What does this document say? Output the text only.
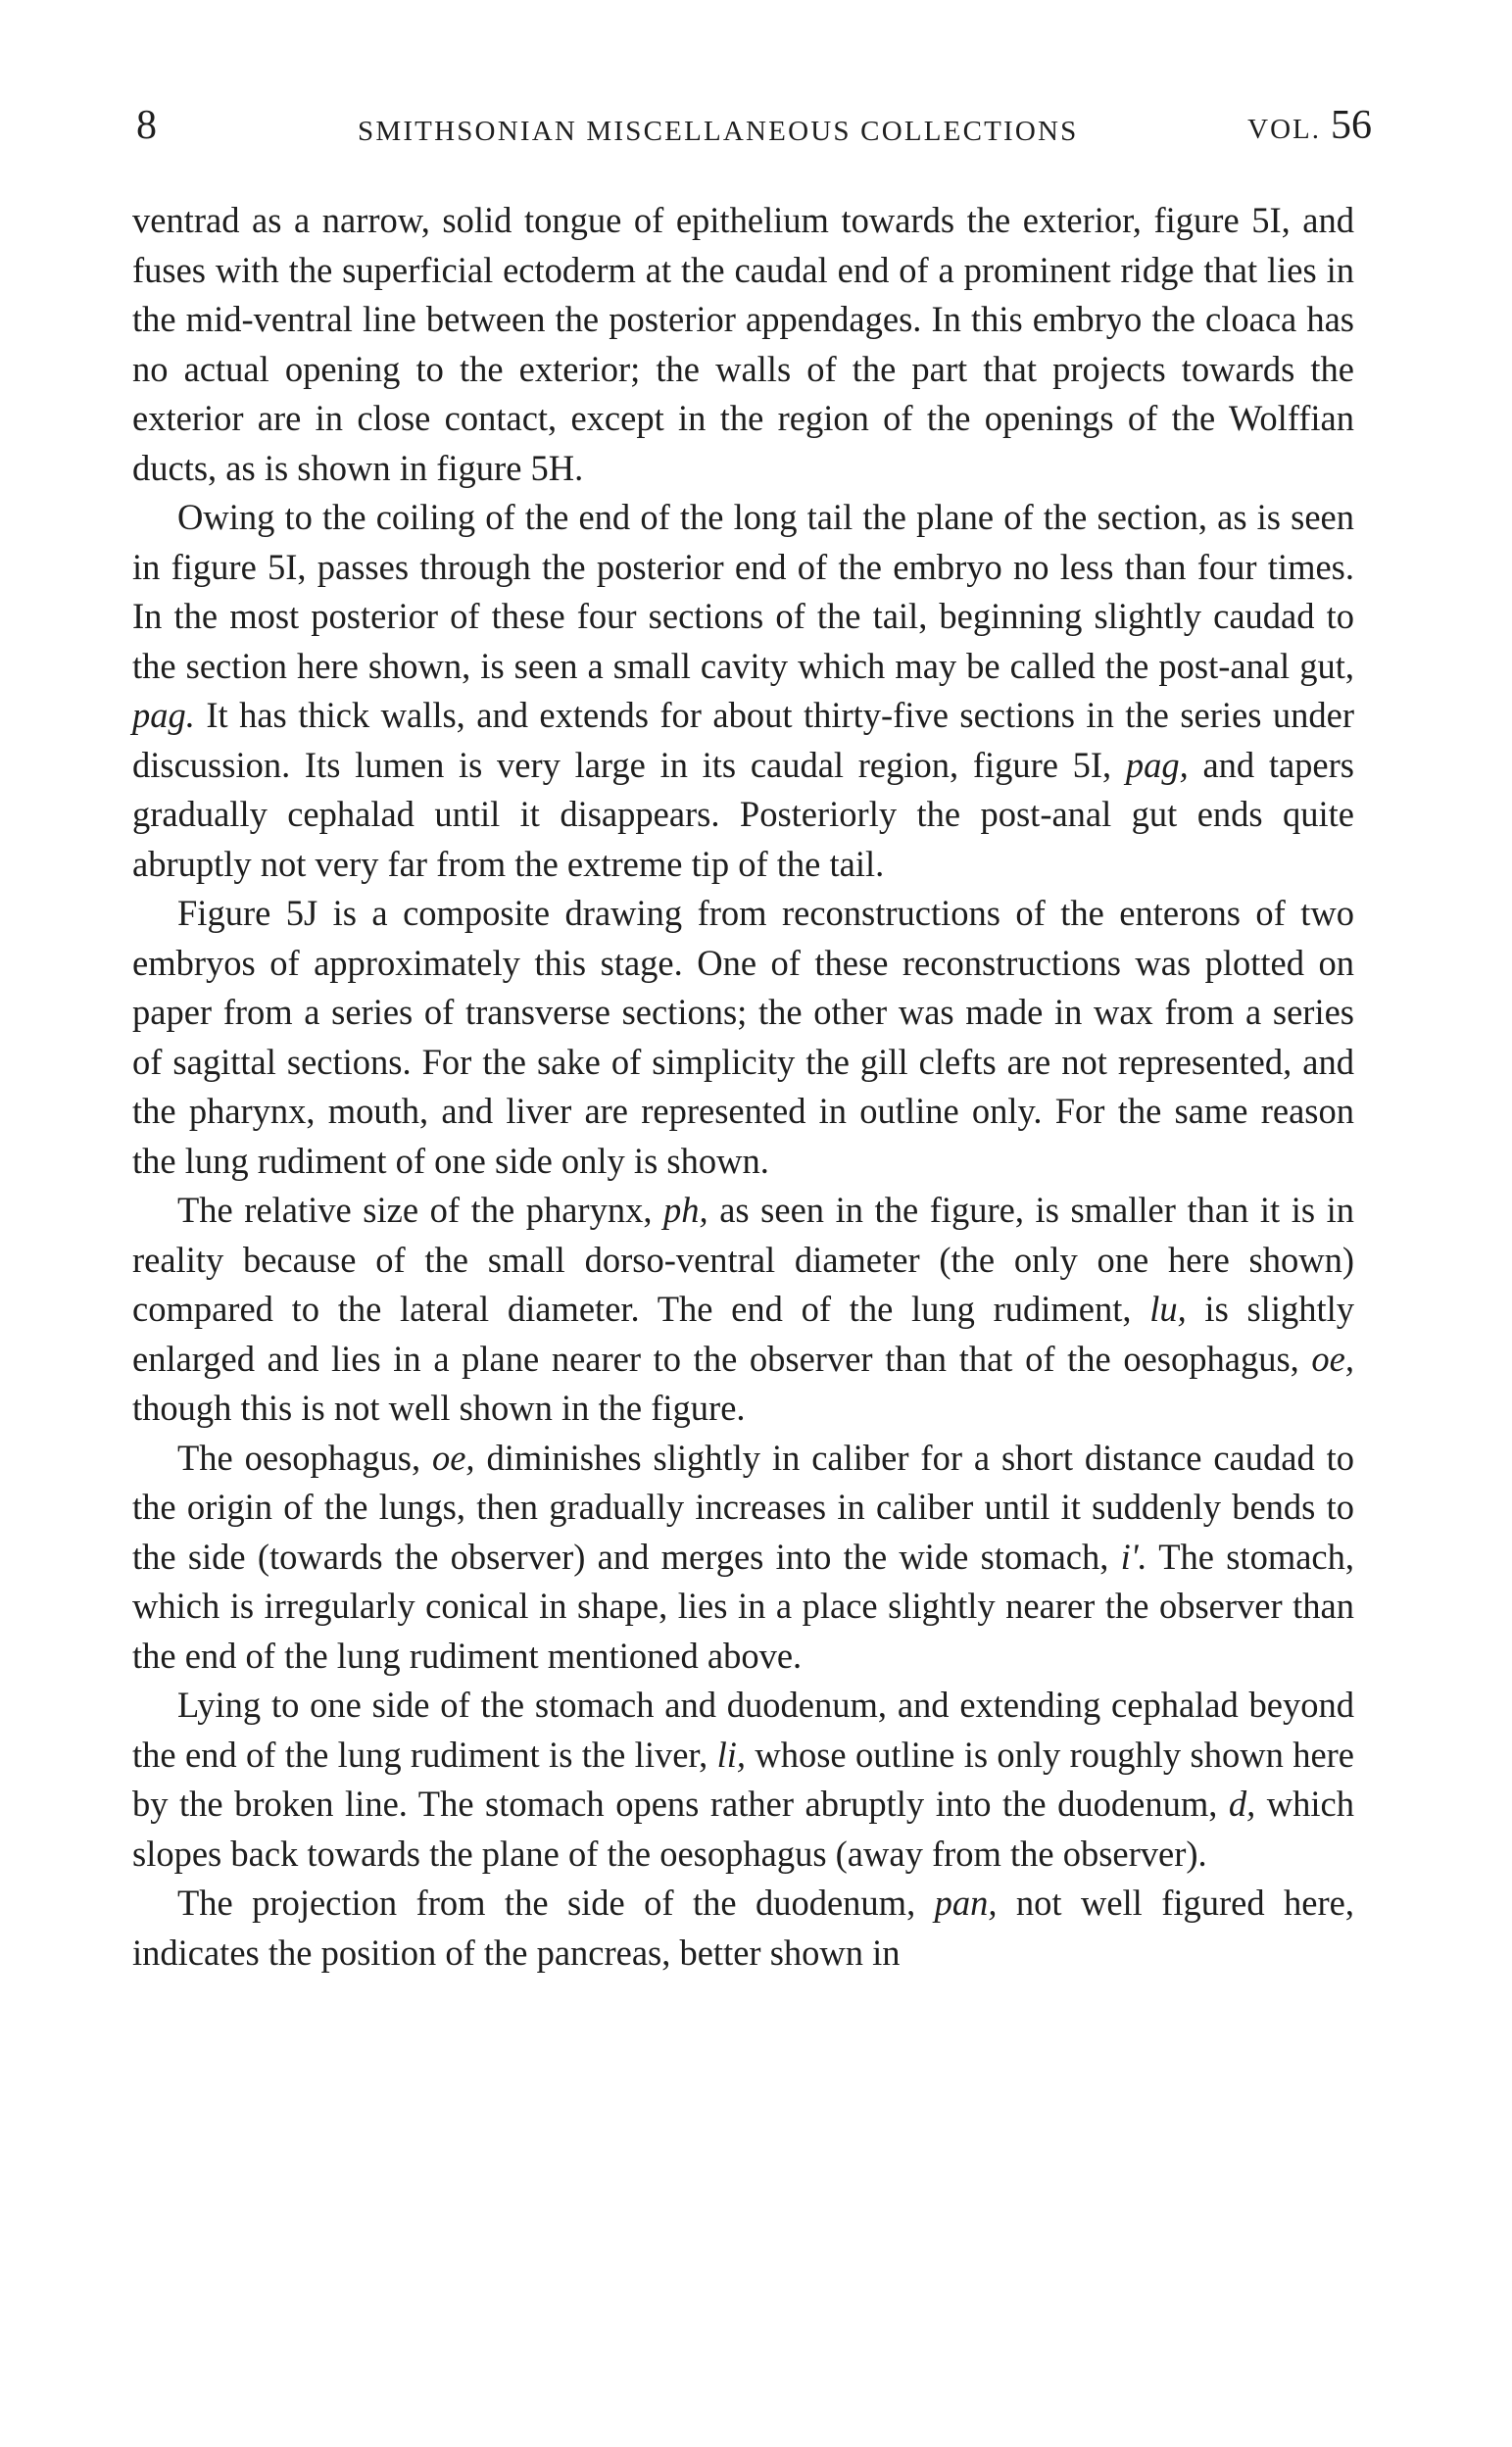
8	SMITHSONIAN MISCELLANEOUS COLLECTIONS	VOL. 56

ventrad as a narrow, solid tongue of epithelium towards the exterior, figure 5I, and fuses with the superficial ectoderm at the caudal end of a prominent ridge that lies in the mid-ventral line between the posterior appendages. In this embryo the cloaca has no actual opening to the exterior; the walls of the part that projects towards the exterior are in close contact, except in the region of the openings of the Wolffian ducts, as is shown in figure 5H.

Owing to the coiling of the end of the long tail the plane of the section, as is seen in figure 5I, passes through the posterior end of the embryo no less than four times. In the most posterior of these four sections of the tail, beginning slightly caudad to the section here shown, is seen a small cavity which may be called the post-anal gut, pag. It has thick walls, and extends for about thirty-five sections in the series under discussion. Its lumen is very large in its caudal region, figure 5I, pag, and tapers gradually cephalad until it disappears. Posteriorly the post-anal gut ends quite abruptly not very far from the extreme tip of the tail.

Figure 5J is a composite drawing from reconstructions of the enterons of two embryos of approximately this stage. One of these reconstructions was plotted on paper from a series of transverse sections; the other was made in wax from a series of sagittal sections. For the sake of simplicity the gill clefts are not represented, and the pharynx, mouth, and liver are represented in outline only. For the same reason the lung rudiment of one side only is shown.

The relative size of the pharynx, ph, as seen in the figure, is smaller than it is in reality because of the small dorso-ventral diameter (the only one here shown) compared to the lateral diameter. The end of the lung rudiment, lu, is slightly enlarged and lies in a plane nearer to the observer than that of the oesophagus, oe, though this is not well shown in the figure.

The oesophagus, oe, diminishes slightly in caliber for a short distance caudad to the origin of the lungs, then gradually increases in caliber until it suddenly bends to the side (towards the observer) and merges into the wide stomach, i'. The stomach, which is irregularly conical in shape, lies in a place slightly nearer the observer than the end of the lung rudiment mentioned above.

Lying to one side of the stomach and duodenum, and extending cephalad beyond the end of the lung rudiment is the liver, li, whose outline is only roughly shown here by the broken line. The stomach opens rather abruptly into the duodenum, d, which slopes back towards the plane of the oesophagus (away from the observer).

The projection from the side of the duodenum, pan, not well figured here, indicates the position of the pancreas, better shown in
